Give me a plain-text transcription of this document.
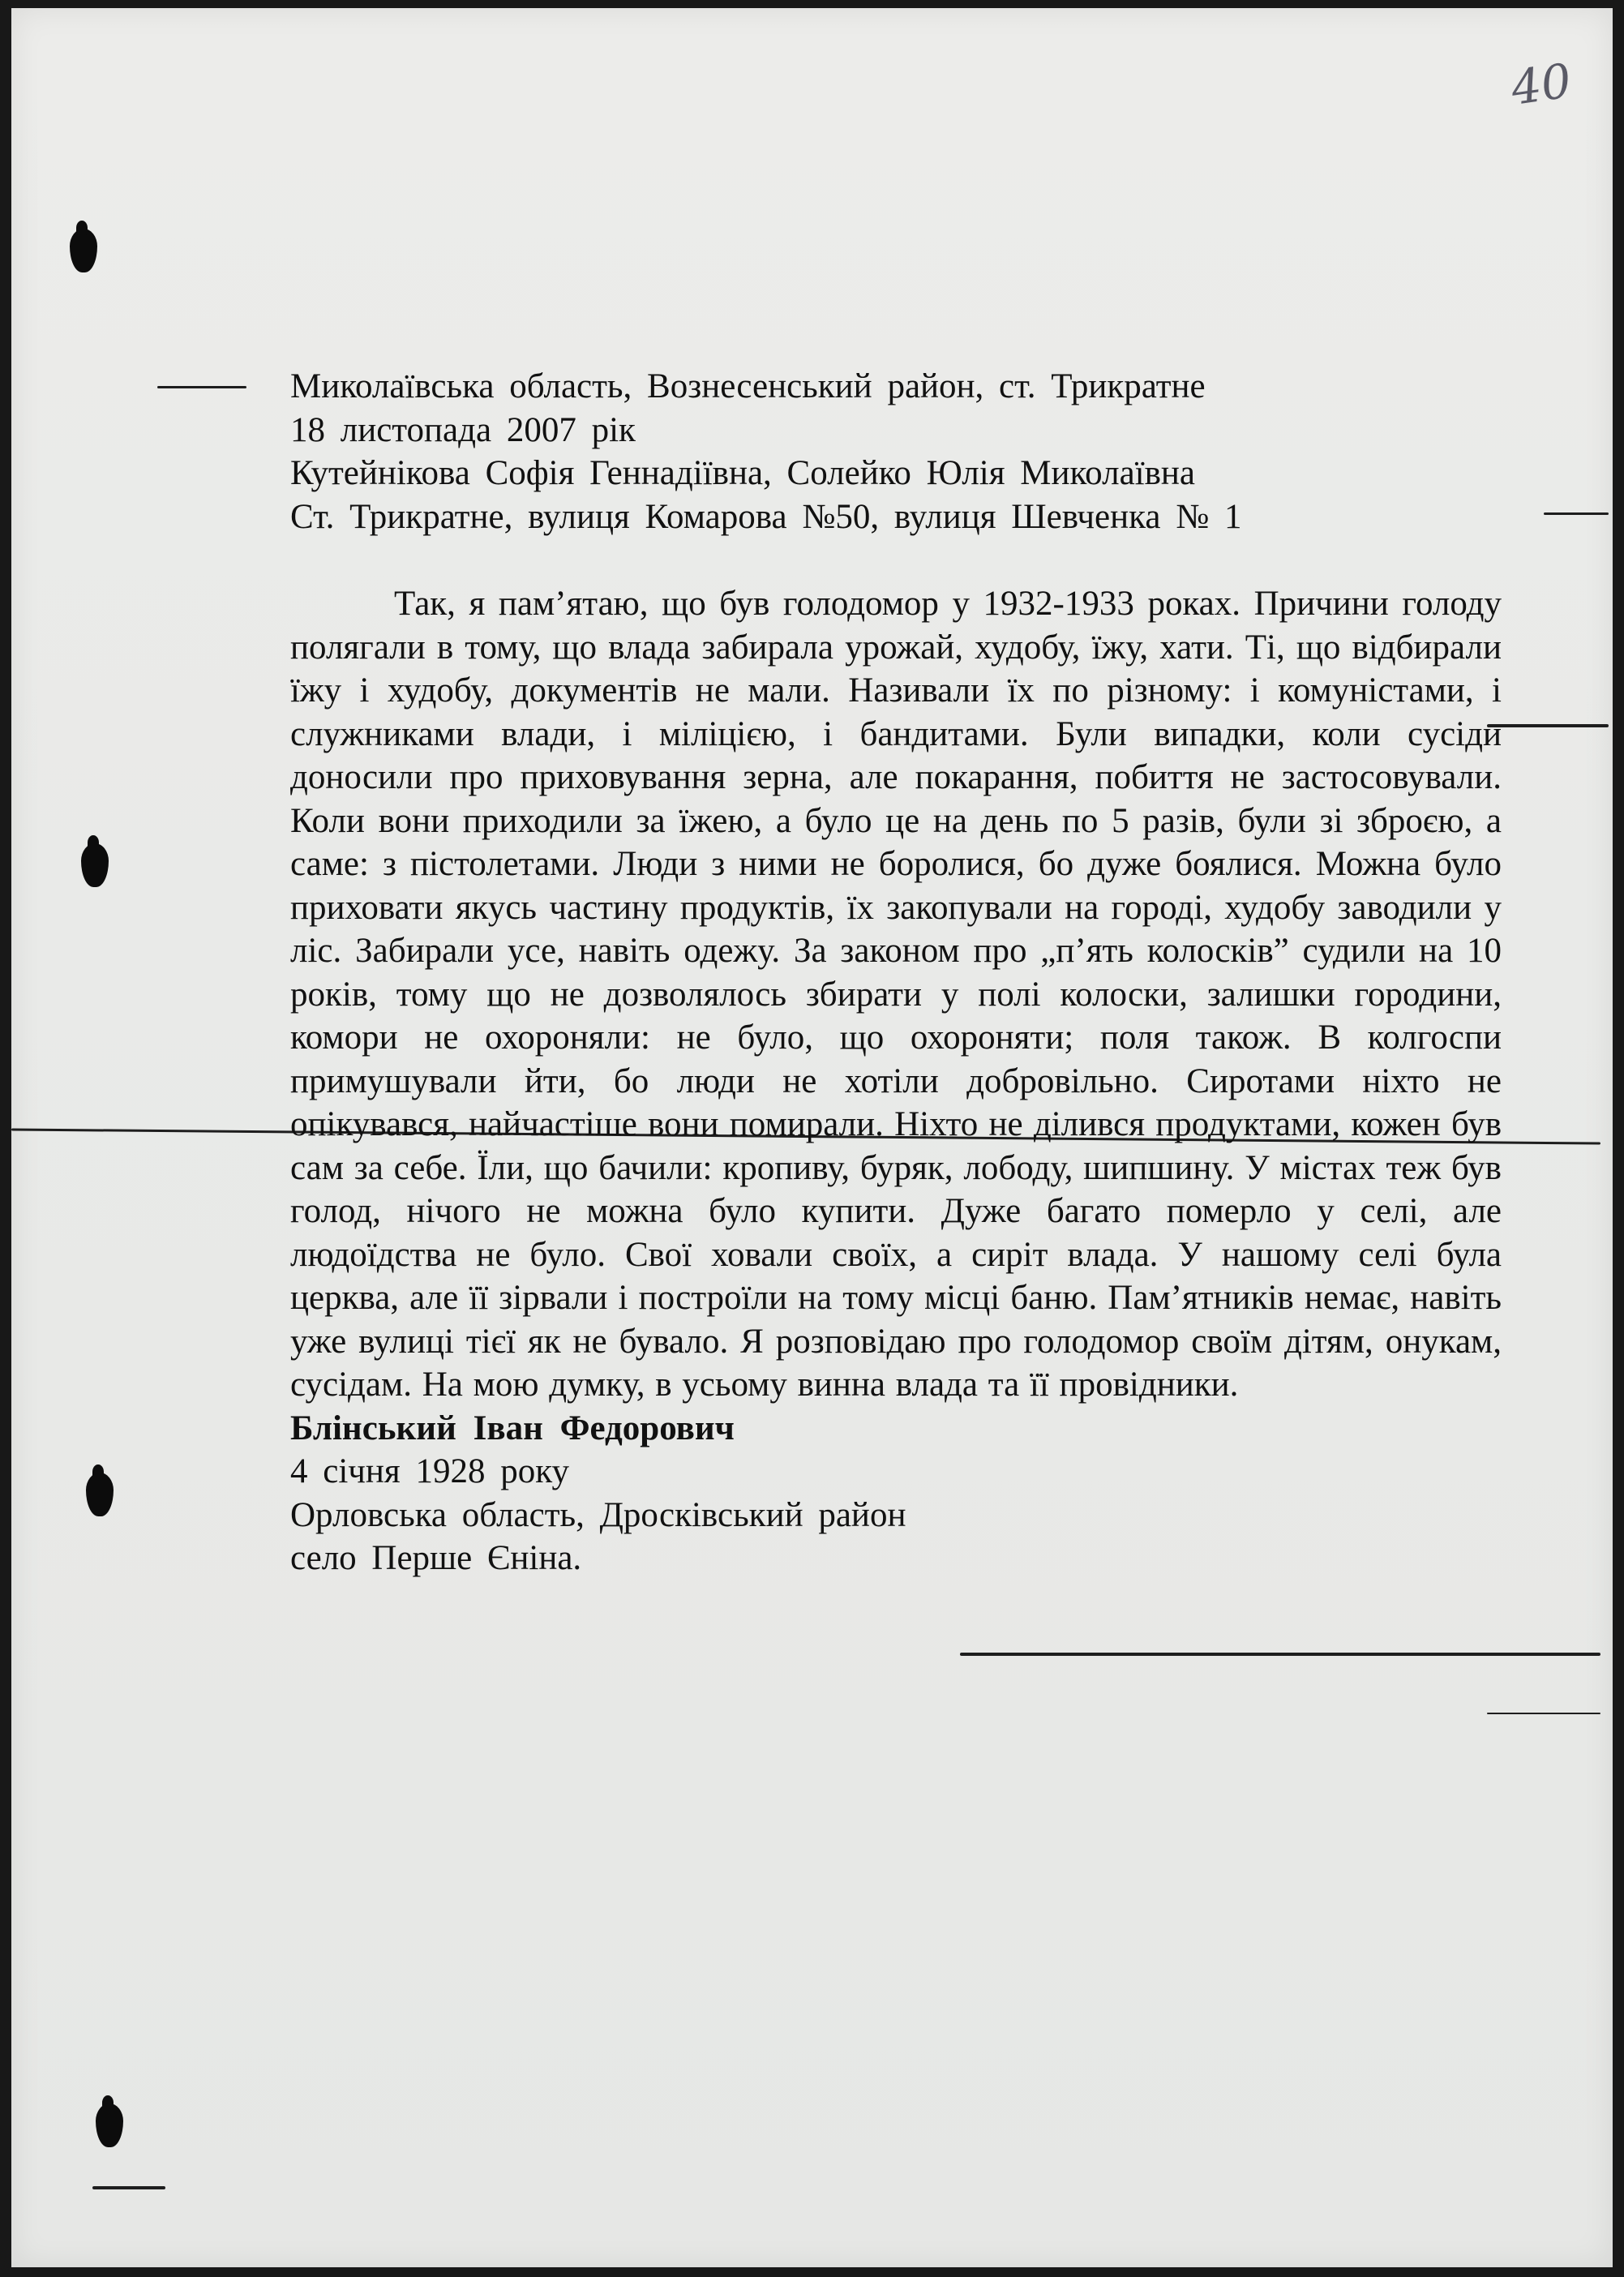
40

Миколаївська область, Вознесенський район, ст. Трикратне

18 листопада 2007 рік

Кутейнікова Софія Геннадіївна, Солейко Юлія Миколаївна

Ст. Трикратне, вулиця Комарова №50, вулиця Шевченка № 1

Так, я пам’ятаю, що був голодомор у 1932-1933 роках. Причини голоду полягали в тому, що влада забирала урожай, худобу, їжу, хати. Ті, що відбирали їжу і худобу, документів не мали. Називали їх по різному: і комуністами, і служниками влади, і міліцією, і бандитами. Були випадки, коли сусіди доносили про приховування зерна, але покарання, побиття не застосовували. Коли вони приходили за їжею, а було це на день по 5 разів, були зі зброєю, а саме: з пістолетами. Люди з ними не боролися, бо дуже боялися. Можна було приховати якусь частину продуктів, їх закопували на городі, худобу заводили у ліс. Забирали усе, навіть одежу. За законом про „п’ять колосків” судили на 10 років, тому що не дозволялось збирати у полі колоски, залишки городини, комори не охороняли: не було, що охороняти; поля також. В колгоспи примушували йти, бо люди не хотіли добровільно. Сиротами ніхто не опікувався, найчастіше вони помирали. Ніхто не ділився продуктами, кожен був сам за себе. Їли, що бачили: кропиву, буряк, лободу, шипшину. У містах теж був голод, нічого не можна було купити. Дуже багато померло у селі, але людоїдства не було. Свої ховали своїх, а сиріт влада. У нашому селі була церква, але її зірвали і построїли на тому місці баню. Пам’ятників немає, навіть уже вулиці тієї як не бувало. Я розповідаю про голодомор своїм дітям, онукам, сусідам. На мою думку, в усьому винна влада та її провідники.

Блінський Іван Федорович

4 січня 1928 року

Орловська область, Дросківський район

село Перше Єніна.
